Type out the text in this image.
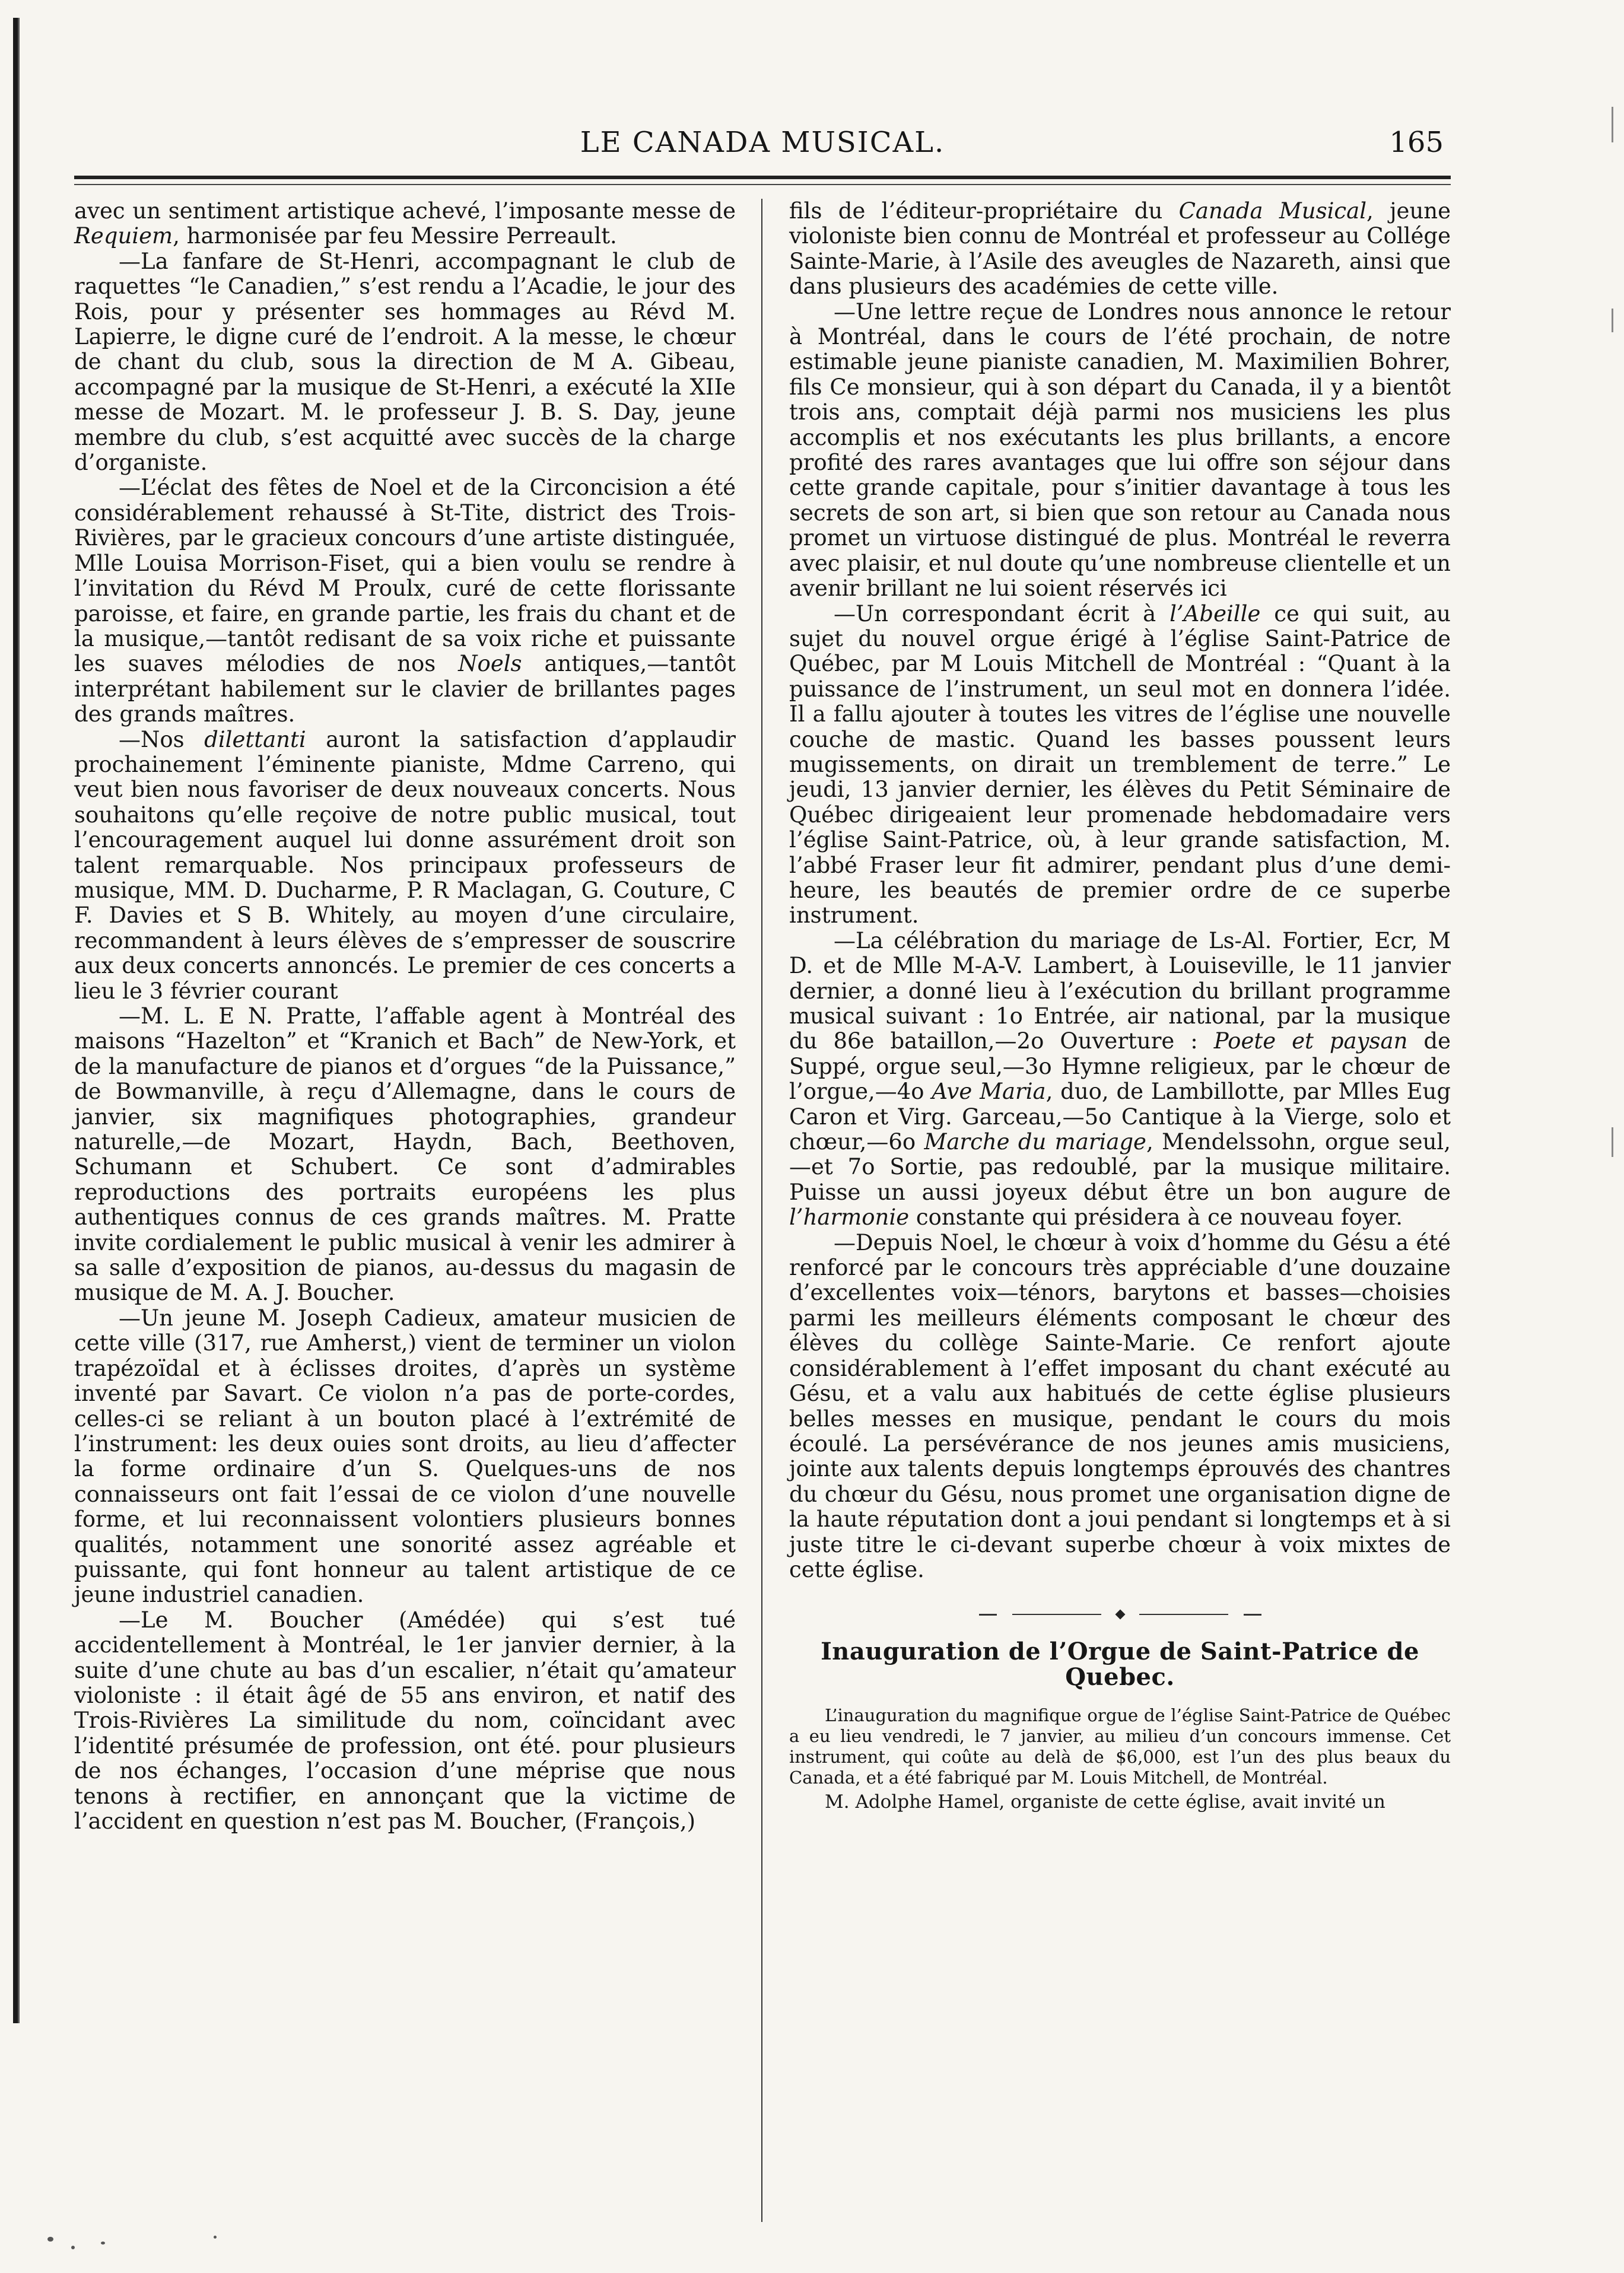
LE CANADA MUSICAL.	165

avec un sentiment artistique achevé, l’imposante messe de Requiem, harmonisée par feu Messire Perreault.

—La fanfare de St-Henri, accompagnant le club de raquettes “le Canadien,” s’est rendu a l’Acadie, le jour des Rois, pour y présenter ses hommages au Révd M. Lapierre, le digne curé de l’endroit. A la messe, le chœur de chant du club, sous la direction de M A. Gibeau, accompagné par la musique de St-Henri, a exécuté la XIIe messe de Mozart. M. le professeur J. B. S. Day, jeune membre du club, s’est acquitté avec succès de la charge d’organiste.

—L’éclat des fêtes de Noel et de la Circoncision a été considérablement rehaussé à St-Tite, district des Trois-Rivières, par le gracieux concours d’une artiste distinguée, Mlle Louisa Morrison-Fiset, qui a bien voulu se rendre à l’invitation du Révd M Proulx, curé de cette florissante paroisse, et faire, en grande partie, les frais du chant et de la musique,—tantôt redisant de sa voix riche et puissante les suaves mélodies de nos Noels antiques,—tantôt interprétant habilement sur le clavier de brillantes pages des grands maîtres.

—Nos dilettanti auront la satisfaction d’applaudir prochainement l’éminente pianiste, Mdme Carreno, qui veut bien nous favoriser de deux nouveaux concerts. Nous souhaitons qu’elle reçoive de notre public musical, tout l’encouragement auquel lui donne assurément droit son talent remarquable. Nos principaux professeurs de musique, MM. D. Ducharme, P. R Maclagan, G. Couture, C F. Davies et S B. Whitely, au moyen d’une circulaire, recommandent à leurs élèves de s’empresser de souscrire aux deux concerts annoncés. Le premier de ces concerts a lieu le 3 février courant

—M. L. E N. Pratte, l’affable agent à Montréal des maisons “Hazelton” et “Kranich et Bach” de New-York, et de la manufacture de pianos et d’orgues “de la Puissance,” de Bowmanville, à reçu d’Allemagne, dans le cours de janvier, six magnifiques photographies, grandeur naturelle,—de Mozart, Haydn, Bach, Beethoven, Schumann et Schubert. Ce sont d’admirables reproductions des portraits européens les plus authentiques connus de ces grands maîtres. M. Pratte invite cordialement le public musical à venir les admirer à sa salle d’exposition de pianos, au-dessus du magasin de musique de M. A. J. Boucher.

—Un jeune M. Joseph Cadieux, amateur musicien de cette ville (317, rue Amherst,) vient de terminer un violon trapézoïdal et à éclisses droites, d’après un système inventé par Savart. Ce violon n’a pas de porte-cordes, celles-ci se reliant à un bouton placé à l’extrémité de l’instrument: les deux ouies sont droits, au lieu d’affecter la forme ordinaire d’un S. Quelques-uns de nos connaisseurs ont fait l’essai de ce violon d’une nouvelle forme, et lui reconnaissent volontiers plusieurs bonnes qualités, notamment une sonorité assez agréable et puissante, qui font honneur au talent artistique de ce jeune industriel canadien.

—Le M. Boucher (Amédée) qui s’est tué accidentellement à Montréal, le 1er janvier dernier, à la suite d’une chute au bas d’un escalier, n’était qu’amateur violoniste : il était âgé de 55 ans environ, et natif des Trois-Rivières La similitude du nom, coïncidant avec l’identité présumée de profession, ont été. pour plusieurs de nos échanges, l’occasion d’une méprise que nous tenons à rectifier, en annonçant que la victime de l’accident en question n’est pas M. Boucher, (François,)

fils de l’éditeur-propriétaire du Canada Musical, jeune violoniste bien connu de Montréal et professeur au Collége Sainte-Marie, à l’Asile des aveugles de Nazareth, ainsi que dans plusieurs des académies de cette ville.

—Une lettre reçue de Londres nous annonce le retour à Montréal, dans le cours de l’été prochain, de notre estimable jeune pianiste canadien, M. Maximilien Bohrer, fils Ce monsieur, qui à son départ du Canada, il y a bientôt trois ans, comptait déjà parmi nos musiciens les plus accomplis et nos exécutants les plus brillants, a encore profité des rares avantages que lui offre son séjour dans cette grande capitale, pour s’initier davantage à tous les secrets de son art, si bien que son retour au Canada nous promet un virtuose distingué de plus. Montréal le reverra avec plaisir, et nul doute qu’une nombreuse clientelle et un avenir brillant ne lui soient réservés ici

—Un correspondant écrit à l’Abeille ce qui suit, au sujet du nouvel orgue érigé à l’église Saint-Patrice de Québec, par M Louis Mitchell de Montréal : “Quant à la puissance de l’instrument, un seul mot en donnera l’idée. Il a fallu ajouter à toutes les vitres de l’église une nouvelle couche de mastic. Quand les basses poussent leurs mugissements, on dirait un tremblement de terre.” Le jeudi, 13 janvier dernier, les élèves du Petit Séminaire de Québec dirigeaient leur promenade hebdomadaire vers l’église Saint-Patrice, où, à leur grande satisfaction, M. l’abbé Fraser leur fit admirer, pendant plus d’une demi-heure, les beautés de premier ordre de ce superbe instrument.

—La célébration du mariage de Ls-Al. Fortier, Ecr, M D. et de Mlle M-A-V. Lambert, à Louiseville, le 11 janvier dernier, a donné lieu à l’exécution du brillant programme musical suivant : 1o Entrée, air national, par la musique du 86e bataillon,—2o Ouverture : Poete et paysan de Suppé, orgue seul,—3o Hymne religieux, par le chœur de l’orgue,—4o Ave Maria, duo, de Lambillotte, par Mlles Eug Caron et Virg. Garceau,—5o Cantique à la Vierge, solo et chœur,—6o Marche du mariage, Mendelssohn, orgue seul,—et 7o Sortie, pas redoublé, par la musique militaire. Puisse un aussi joyeux début être un bon augure de l’harmonie constante qui présidera à ce nouveau foyer.

—Depuis Noel, le chœur à voix d’homme du Gésu a été renforcé par le concours très appréciable d’une douzaine d’excellentes voix—ténors, barytons et basses—choisies parmi les meilleurs éléments composant le chœur des élèves du collège Sainte-Marie. Ce renfort ajoute considérablement à l’effet imposant du chant exécuté au Gésu, et a valu aux habitués de cette église plusieurs belles messes en musique, pendant le cours du mois écoulé. La persévérance de nos jeunes amis musiciens, jointe aux talents depuis longtemps éprouvés des chantres du chœur du Gésu, nous promet une organisation digne de la haute réputation dont a joui pendant si longtemps et à si juste titre le ci-devant superbe chœur à voix mixtes de cette église.

Inauguration de l’Orgue de Saint-Patrice de Quebec.

L’inauguration du magnifique orgue de l’église Saint-Patrice de Québec a eu lieu vendredi, le 7 janvier, au milieu d’un concours immense. Cet instrument, qui coûte au delà de $6,000, est l’un des plus beaux du Canada, et a été fabriqué par M. Louis Mitchell, de Montréal.

M. Adolphe Hamel, organiste de cette église, avait invité un
